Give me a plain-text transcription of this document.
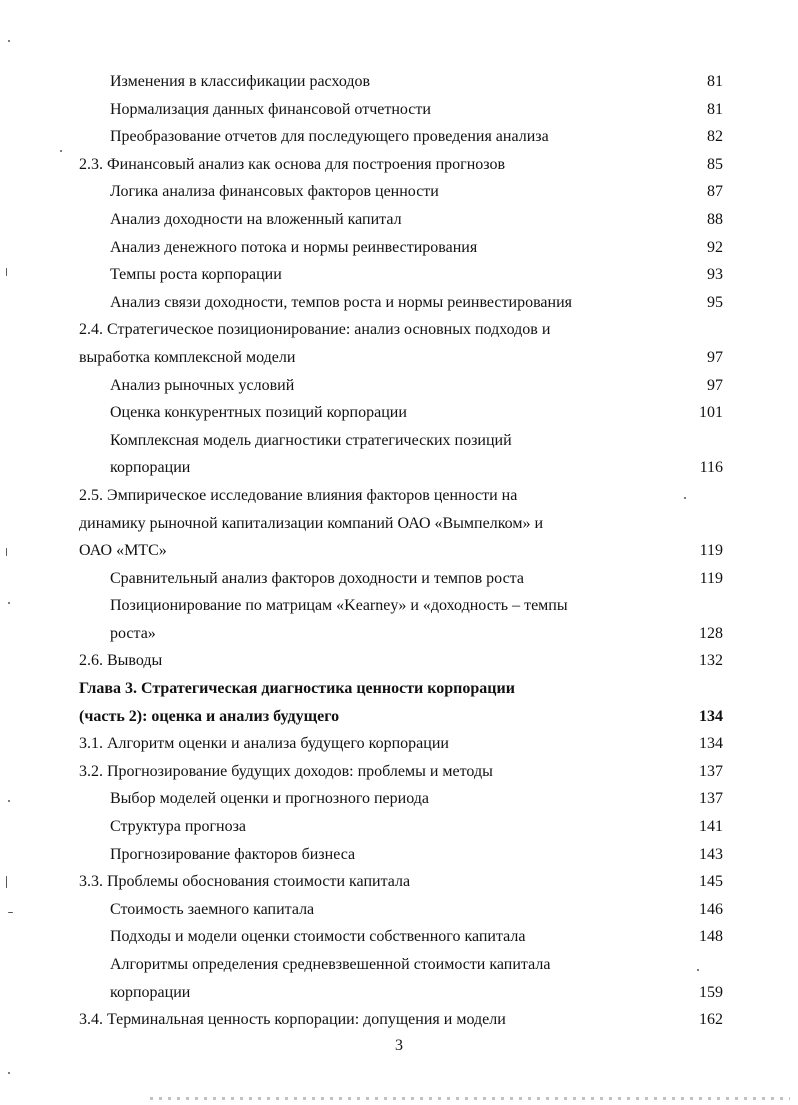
Изменения в классификации расходов	81
Нормализация данных финансовой отчетности	81
Преобразование отчетов для последующего проведения анализа	82
2.3. Финансовый анализ как основа для построения прогнозов	85
Логика анализа финансовых факторов ценности	87
Анализ доходности на вложенный капитал	88
Анализ денежного потока и нормы реинвестирования	92
Темпы роста корпорации	93
Анализ связи доходности, темпов роста и нормы реинвестирования	95
2.4. Стратегическое позиционирование: анализ основных подходов и
выработка комплексной модели	97
Анализ рыночных условий	97
Оценка конкурентных позиций корпорации	101
Комплексная модель диагностики стратегических позиций
корпорации	116
2.5. Эмпирическое исследование влияния факторов ценности на
динамику рыночной капитализации компаний ОАО «Вымпелком» и
ОАО «МТС»	119
Сравнительный анализ факторов доходности и темпов роста	119
Позиционирование по матрицам «Kearney» и «доходность – темпы
роста»	128
2.6. Выводы	132
Глава 3. Стратегическая диагностика ценности корпорации
(часть 2): оценка и анализ будущего	134
3.1. Алгоритм оценки и анализа будущего корпорации	134
3.2. Прогнозирование будущих доходов: проблемы и методы	137
Выбор моделей оценки и прогнозного периода	137
Структура прогноза	141
Прогнозирование факторов бизнеса	143
3.3. Проблемы обоснования стоимости капитала	145
Стоимость заемного капитала	146
Подходы и модели оценки стоимости собственного капитала	148
Алгоритмы определения средневзвешенной стоимости капитала
корпорации	159
3.4. Терминальная ценность корпорации: допущения и модели	162
3
